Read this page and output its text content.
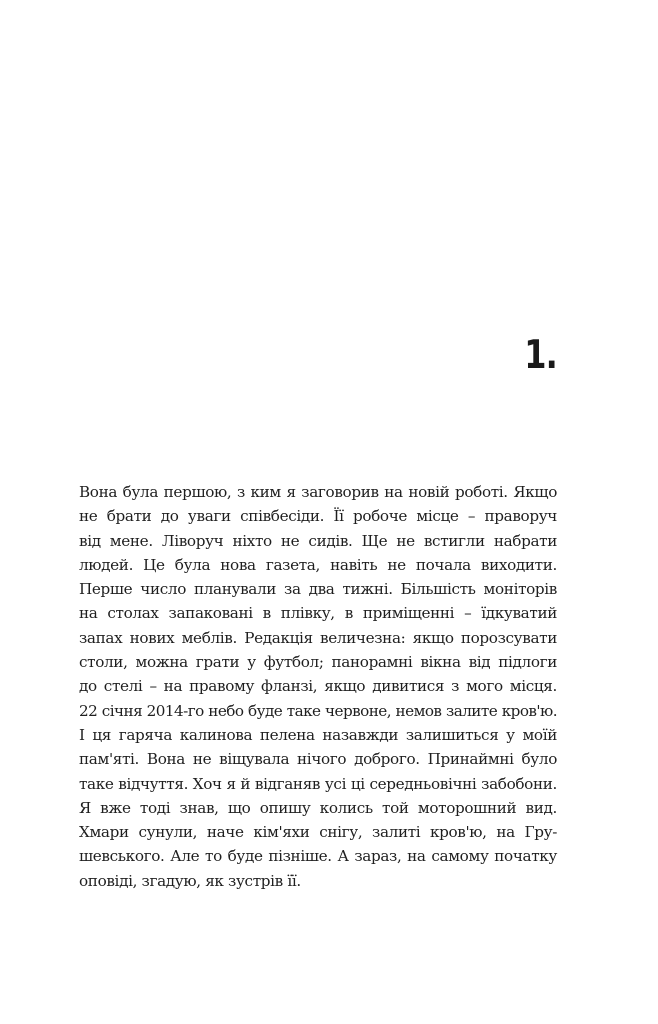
1.
Вона була першою, з ким я заговорив на новій роботі. Якщо
не брати до уваги співбесіди. Її робоче місце – праворуч
від мене. Ліворуч ніхто не сидів. Ще не встигли набрати
людей. Це була нова газета, навіть не почала виходити.
Перше число планували за два тижні. Більшість моніторів
на столах запаковані в плівку, в приміщенні – їдкуватий
запах нових меблів. Редакція величезна: якщо порозсувати
столи, можна грати у футбол; панорамні вікна від підлоги
до стелі – на правому фланзі, якщо дивитися з мого місця.
22 січня 2014-го небо буде таке червоне, немов залите кров'ю.
І ця гаряча калинова пелена назавжди залишиться у моїй
пам'яті. Вона не віщувала нічого доброго. Принаймні було
таке відчуття. Хоч я й відганяв усі ці середньовічні забобони.
Я вже тоді знав, що опишу колись той моторошний вид.
Хмари сунули, наче кім'яхи снігу, залиті кров'ю, на Гру-
шевського. Але то буде пізніше. А зараз, на самому початку
оповіді, згадую, як зустрів її.
